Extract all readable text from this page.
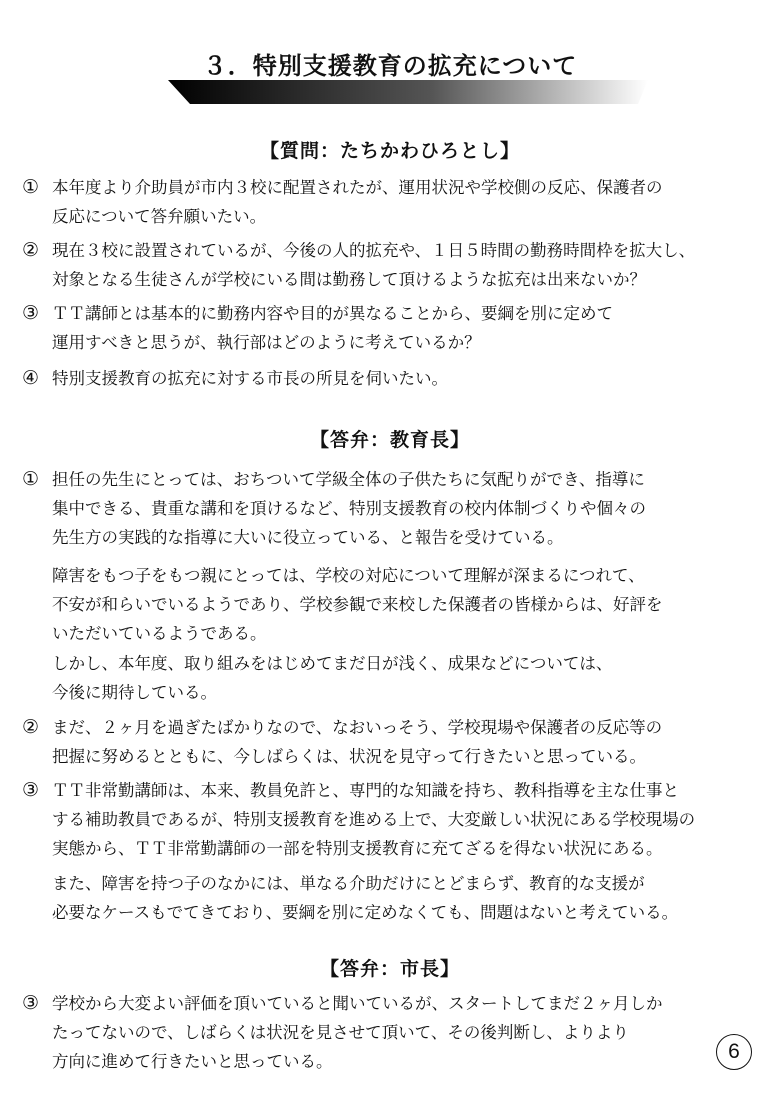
３．特別支援教育の拡充について
【質問：たちかわひろとし】
① 本年度より介助員が市内３校に配置されたが、運用状況や学校側の反応、保護者の
反応について答弁願いたい。
② 現在３校に設置されているが、今後の人的拡充や、１日５時間の勤務時間枠を拡大し、
対象となる生徒さんが学校にいる間は勤務して頂けるような拡充は出来ないか？
③ ＴＴ講師とは基本的に勤務内容や目的が異なることから、要綱を別に定めて
運用すべきと思うが、執行部はどのように考えているか？
④ 特別支援教育の拡充に対する市長の所見を伺いたい。
【答弁：教育長】
① 担任の先生にとっては、おちついて学級全体の子供たちに気配りができ、指導に
集中できる、貴重な講和を頂けるなど、特別支援教育の校内体制づくりや個々の
先生方の実践的な指導に大いに役立っている、と報告を受けている。
障害をもつ子をもつ親にとっては、学校の対応について理解が深まるにつれて、
不安が和らいでいるようであり、学校参観で来校した保護者の皆様からは、好評を
いただいているようである。
しかし、本年度、取り組みをはじめてまだ日が浅く、成果などについては、
今後に期待している。
② まだ、２ヶ月を過ぎたばかりなので、なおいっそう、学校現場や保護者の反応等の
把握に努めるとともに、今しばらくは、状況を見守って行きたいと思っている。
③ ＴＴ非常勤講師は、本来、教員免許と、専門的な知識を持ち、教科指導を主な仕事と
する補助教員であるが、特別支援教育を進める上で、大変厳しい状況にある学校現場の
実態から、ＴＴ非常勤講師の一部を特別支援教育に充てざるを得ない状況にある。
また、障害を持つ子のなかには、単なる介助だけにとどまらず、教育的な支援が
必要なケースもでてきており、要綱を別に定めなくても、問題はないと考えている。
【答弁：市長】
③ 学校から大変よい評価を頂いていると聞いているが、スタートしてまだ２ヶ月しか
たってないので、しばらくは状況を見させて頂いて、その後判断し、よりより
方向に進めて行きたいと思っている。	6
